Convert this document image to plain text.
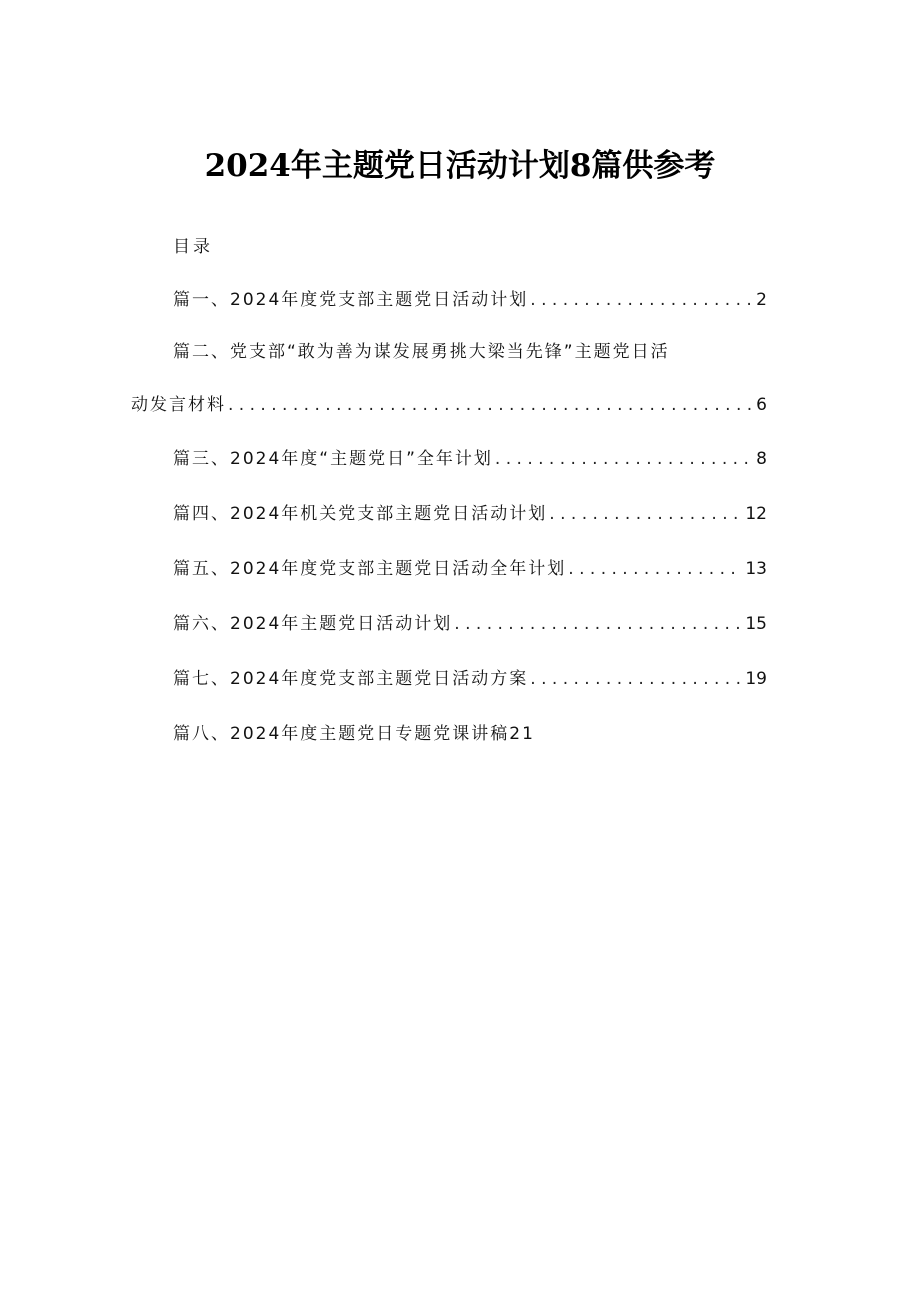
2024年主题党日活动计划8篇供参考
目录
篇一、2024年度党支部主题党日活动计划 . . .	2
篇二、党支部“敢为善为谋发展勇挑大梁当先锋”主题党日活
动发言材料 . . .	6
篇三、2024年度“主题党日”全年计划 . . .	8
篇四、2024年机关党支部主题党日活动计划 . . .	12
篇五、2024年度党支部主题党日活动全年计划 . . .	13
篇六、2024年主题党日活动计划 . . .	15
篇七、2024年度党支部主题党日活动方案 . . .	19
篇八、2024年度主题党日专题党课讲稿21
